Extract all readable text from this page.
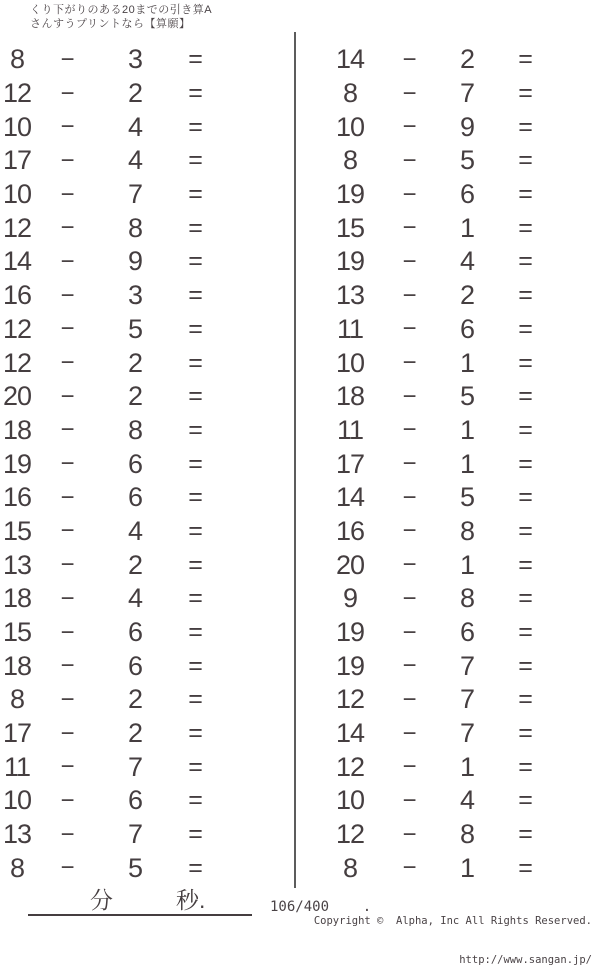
くり下がりのある20までの引き算A
さんすうプリントなら【算願】
8	−	3	=
12	−	2	=
10	−	4	=
17	−	4	=
10	−	7	=
12	−	8	=
14	−	9	=
16	−	3	=
12	−	5	=
12	−	2	=
20	−	2	=
18	−	8	=
19	−	6	=
16	−	6	=
15	−	4	=
13	−	2	=
18	−	4	=
15	−	6	=
18	−	6	=
8	−	2	=
17	−	2	=
11	−	7	=
10	−	6	=
13	−	7	=
8	−	5	=
14	−	2	=
8	−	7	=
10	−	9	=
8	−	5	=
19	−	6	=
15	−	1	=
19	−	4	=
13	−	2	=
11	−	6	=
10	−	1	=
18	−	5	=
11	−	1	=
17	−	1	=
14	−	5	=
16	−	8	=
20	−	1	=
9	−	8	=
19	−	6	=
19	−	7	=
12	−	7	=
14	−	7	=
12	−	1	=
10	−	4	=
12	−	8	=
8	−	1	=
分	秒.	106/400 .

Copyright ©  Alpha, Inc All Rights Reserved.

http://www.sangan.jp/
